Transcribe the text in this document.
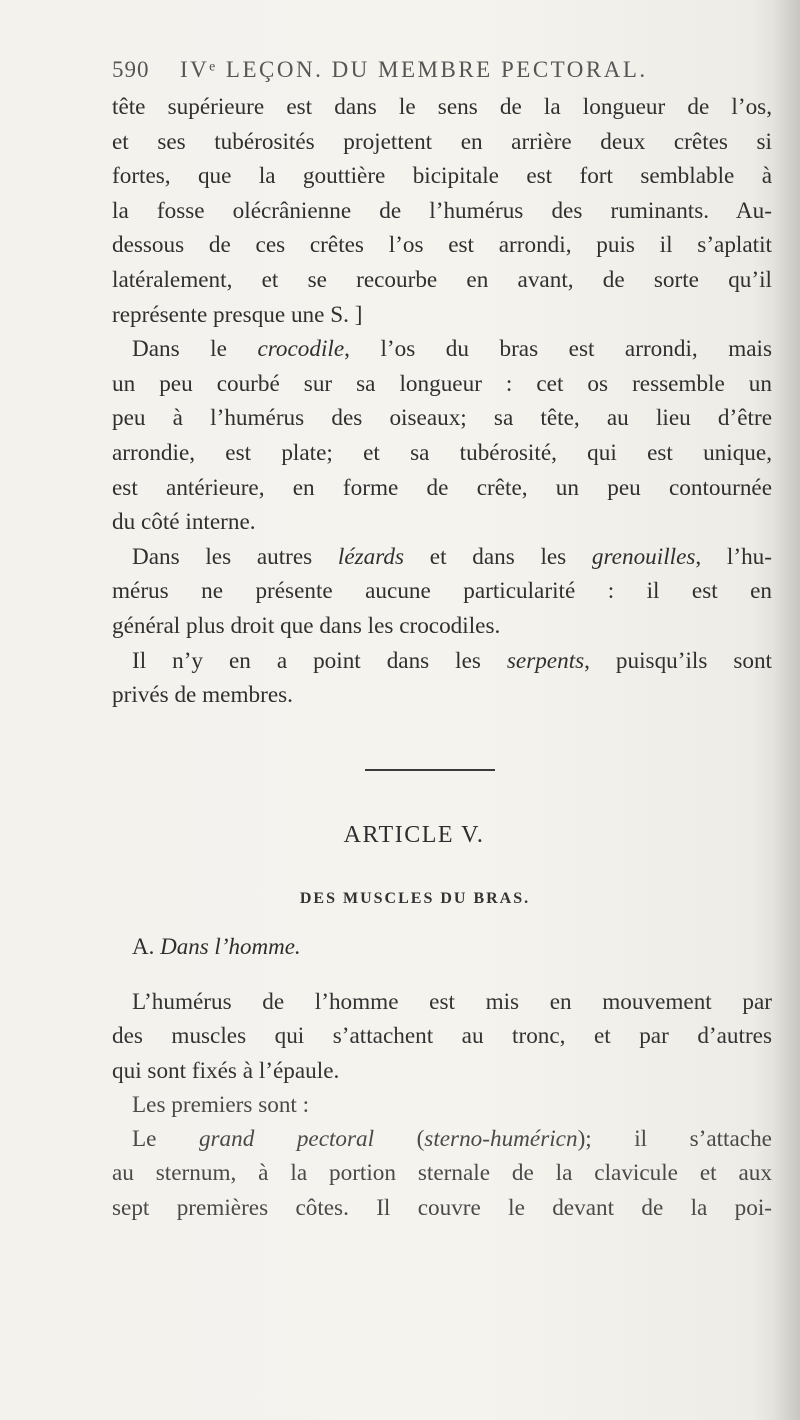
590 IVᵉ LEÇON. DU MEMBRE PECTORAL.
tête supérieure est dans le sens de la longueur de l’os,
et ses tubérosités projettent en arrière deux crêtes si
fortes, que la gouttière bicipitale est fort semblable à
la fosse olécrânienne de l’humérus des ruminants. Au-
dessous de ces crêtes l’os est arrondi, puis il s’aplatit
latéralement, et se recourbe en avant, de sorte qu’il
représente presque une S. ]
Dans le crocodile, l’os du bras est arrondi, mais
un peu courbé sur sa longueur : cet os ressemble un
peu à l’humérus des oiseaux; sa tête, au lieu d’être
arrondie, est plate; et sa tubérosité, qui est unique,
est antérieure, en forme de crête, un peu contournée
du côté interne.
Dans les autres lézards et dans les grenouilles, l’hu-
mérus ne présente aucune particularité : il est en
général plus droit que dans les crocodiles.
Il n’y en a point dans les serpents, puisqu’ils sont
privés de membres.
ARTICLE V.
DES MUSCLES DU BRAS.
A. Dans l’homme.
L’humérus de l’homme est mis en mouvement par
des muscles qui s’attachent au tronc, et par d’autres
qui sont fixés à l’épaule.
Les premiers sont :
Le grand pectoral (sterno-huméricn); il s’attache
au sternum, à la portion sternale de la clavicule et aux
sept premières côtes. Il couvre le devant de la poi-
